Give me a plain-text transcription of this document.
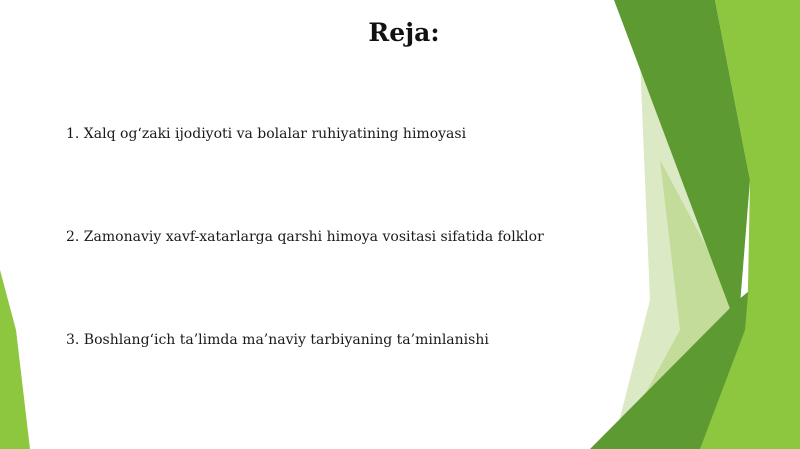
Reja:
1. Xalq og‘zaki ijodiyoti va bolalar ruhiyatining himoyasi
2. Zamonaviy xavf-xatarlarga qarshi himoya vositasi sifatida folklor
3. Boshlang‘ich ta’limda ma’naviy tarbiyaning ta’minlanishi
